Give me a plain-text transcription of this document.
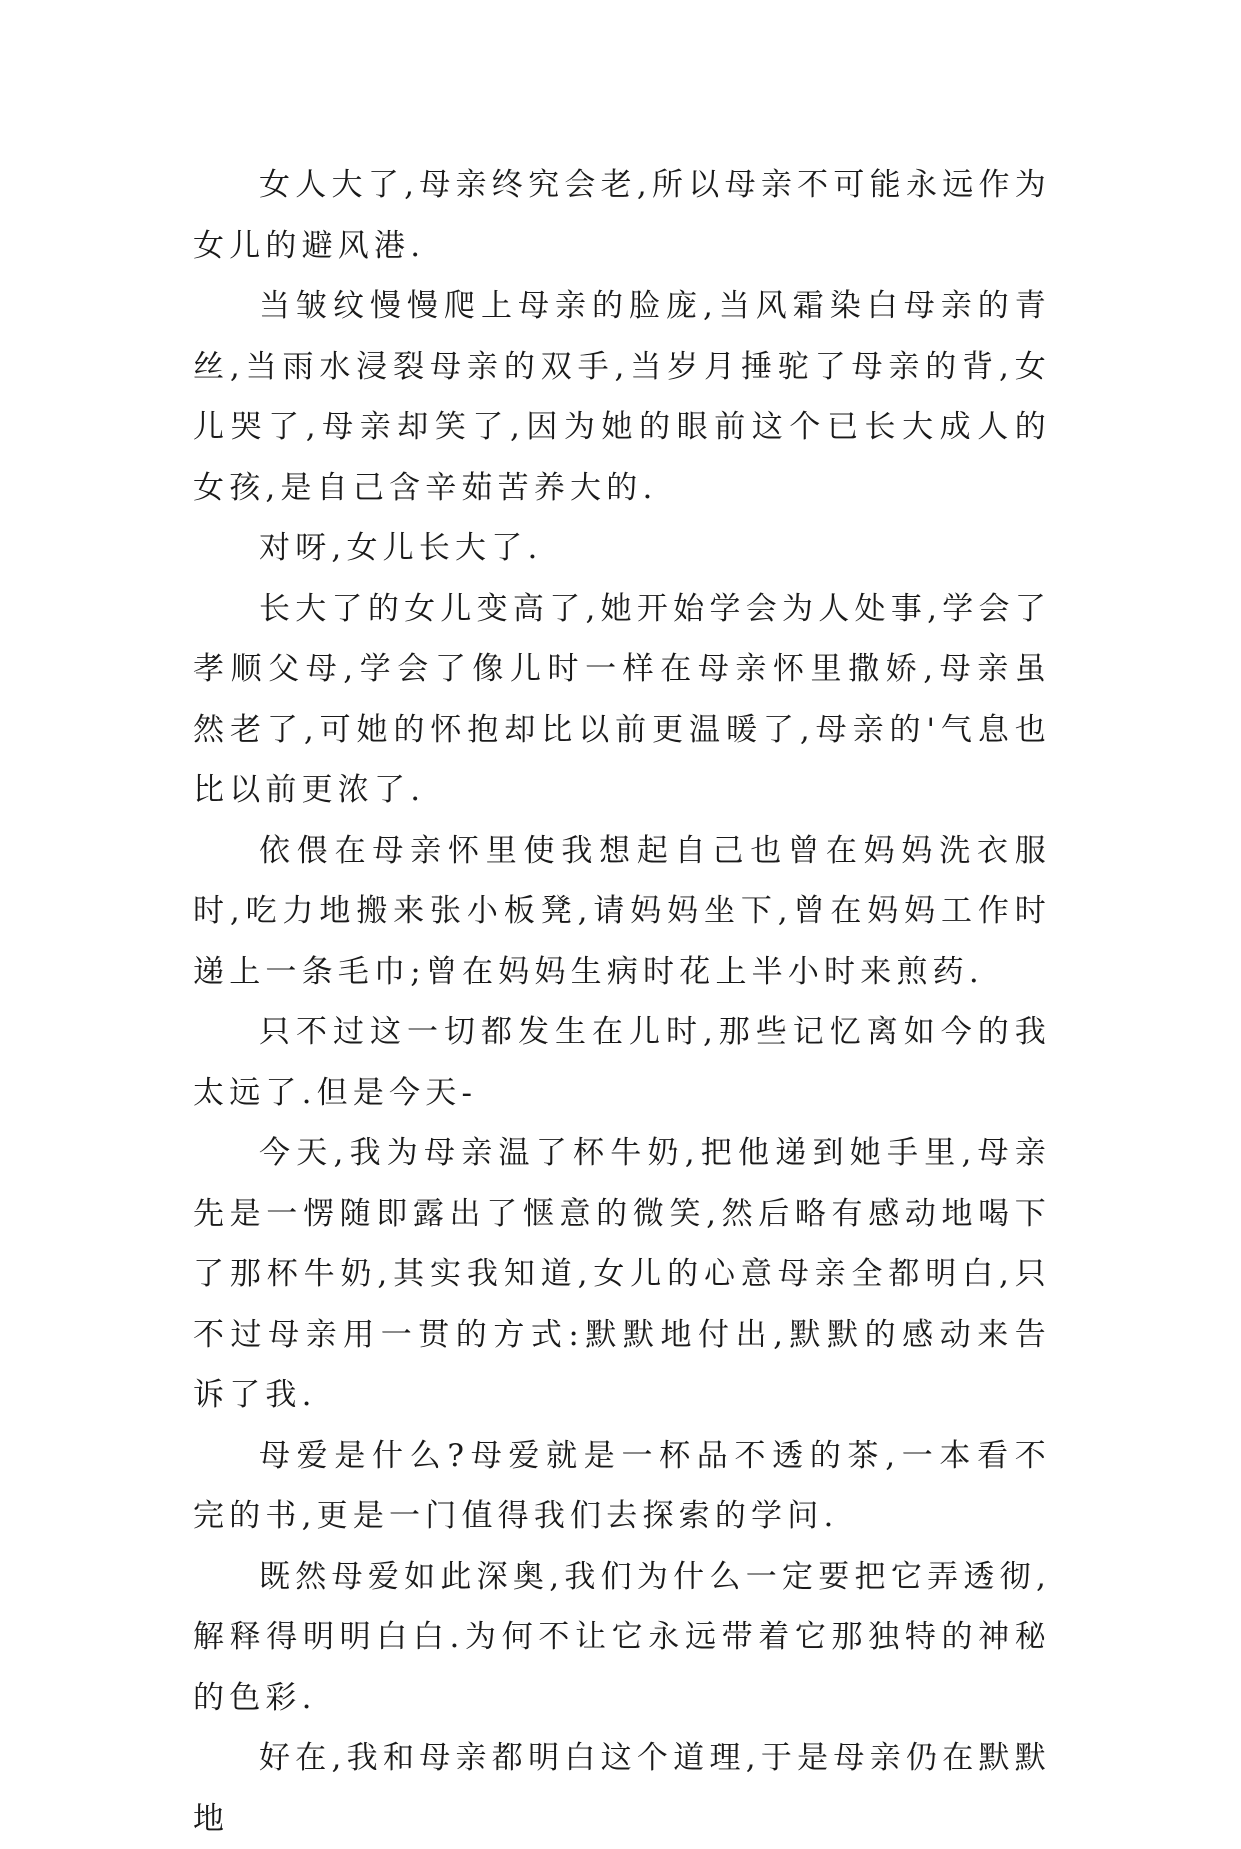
女人大了,母亲终究会老,所以母亲不可能永远作为女儿的避风港.

当皱纹慢慢爬上母亲的脸庞,当风霜染白母亲的青丝,当雨水浸裂母亲的双手,当岁月捶驼了母亲的背,女儿哭了,母亲却笑了,因为她的眼前这个已长大成人的女孩,是自己含辛茹苦养大的.

对呀,女儿长大了.

长大了的女儿变高了,她开始学会为人处事,学会了孝顺父母,学会了像儿时一样在母亲怀里撒娇,母亲虽然老了,可她的怀抱却比以前更温暖了,母亲的'气息也比以前更浓了.

依偎在母亲怀里使我想起自己也曾在妈妈洗衣服时,吃力地搬来张小板凳,请妈妈坐下,曾在妈妈工作时递上一条毛巾;曾在妈妈生病时花上半小时来煎药.

只不过这一切都发生在儿时,那些记忆离如今的我太远了.但是今天-

今天,我为母亲温了杯牛奶,把他递到她手里,母亲先是一愣随即露出了惬意的微笑,然后略有感动地喝下了那杯牛奶,其实我知道,女儿的心意母亲全都明白,只不过母亲用一贯的方式:默默地付出,默默的感动来告诉了我.

母爱是什么?母爱就是一杯品不透的茶,一本看不完的书,更是一门值得我们去探索的学问.

既然母爱如此深奥,我们为什么一定要把它弄透彻,解释得明明白白.为何不让它永远带着它那独特的神秘的色彩.

好在,我和母亲都明白这个道理,于是母亲仍在默默地
